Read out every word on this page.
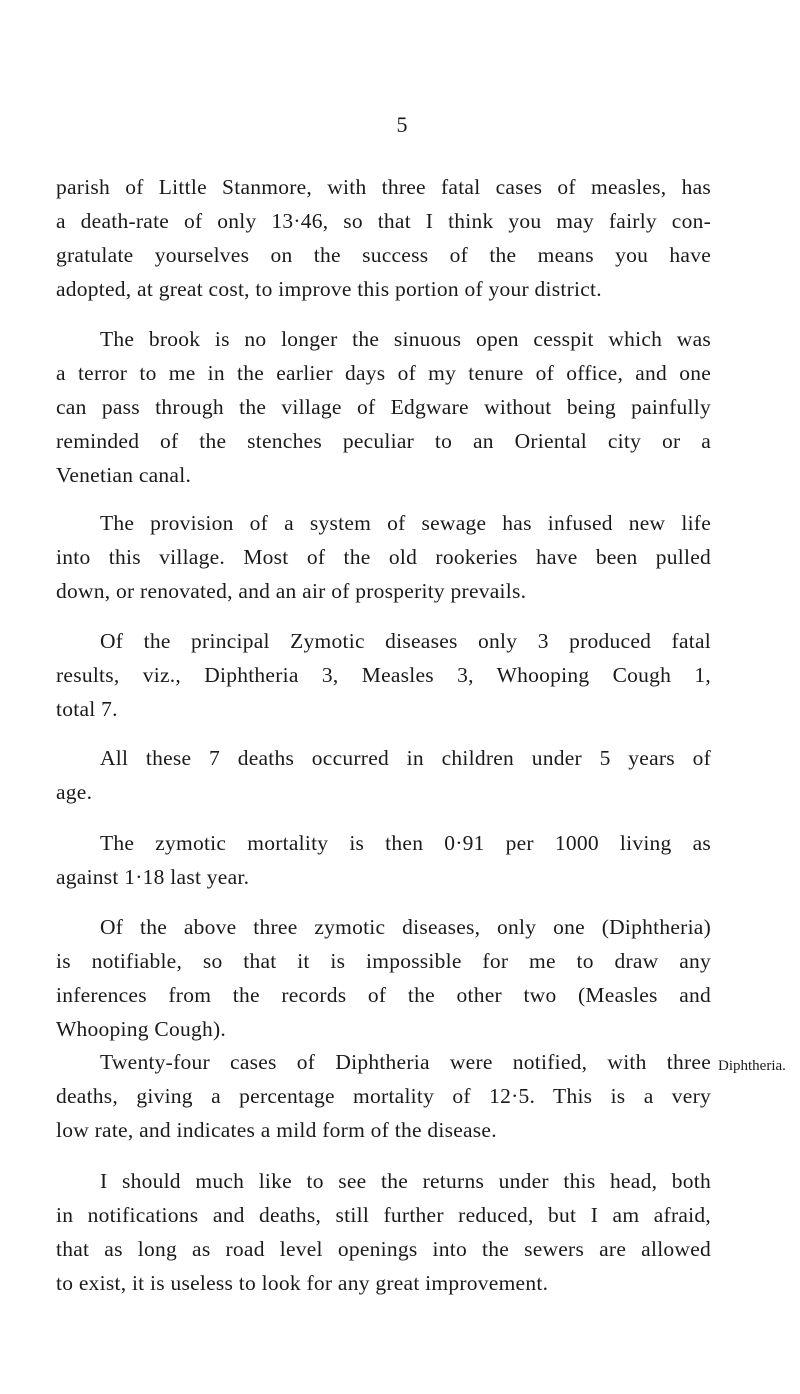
5

parish of Little Stanmore, with three fatal cases of measles, has
a death-rate of only 13·46, so that I think you may fairly con-
gratulate yourselves on the success of the means you have
adopted, at great cost, to improve this portion of your district.

The brook is no longer the sinuous open cesspit which was
a terror to me in the earlier days of my tenure of office, and one
can pass through the village of Edgware without being painfully
reminded of the stenches peculiar to an Oriental city or a
Venetian canal.

The provision of a system of sewage has infused new life
into this village. Most of the old rookeries have been pulled
down, or renovated, and an air of prosperity prevails.

Of the principal Zymotic diseases only 3 produced fatal
results, viz., Diphtheria 3, Measles 3, Whooping Cough 1,
total 7.

All these 7 deaths occurred in children under 5 years of
age.

The zymotic mortality is then 0·91 per 1000 living as
against 1·18 last year.

Of the above three zymotic diseases, only one (Diphtheria)
is notifiable, so that it is impossible for me to draw any
inferences from the records of the other two (Measles and
Whooping Cough).

Twenty-four cases of Diphtheria were notified, with three
deaths, giving a percentage mortality of 12·5. This is a very
low rate, and indicates a mild form of the disease.

I should much like to see the returns under this head, both
in notifications and deaths, still further reduced, but I am afraid,
that as long as road level openings into the sewers are allowed
to exist, it is useless to look for any great improvement.

Diphtheria.
